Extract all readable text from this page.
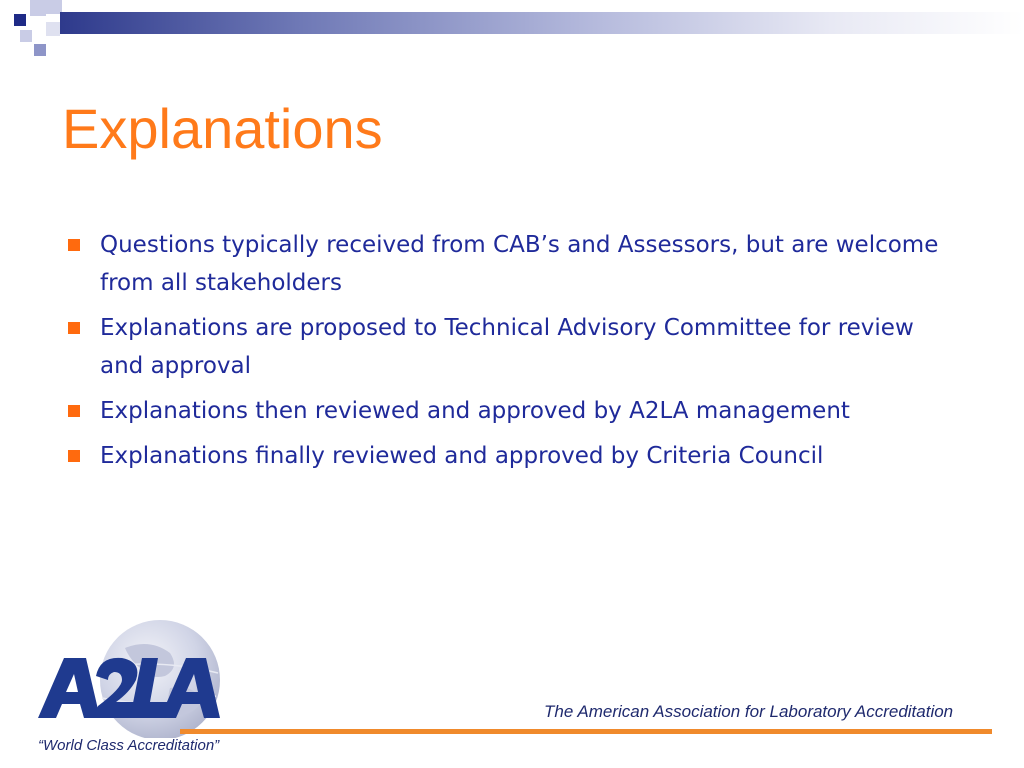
Explanations
Questions typically received from CAB’s and Assessors, but are welcome from all stakeholders
Explanations are proposed to Technical Advisory Committee for review and approval
Explanations then reviewed and approved by A2LA management
Explanations finally reviewed and approved by Criteria Council
A2LA
The American Association for Laboratory Accreditation
“World Class Accreditation”
